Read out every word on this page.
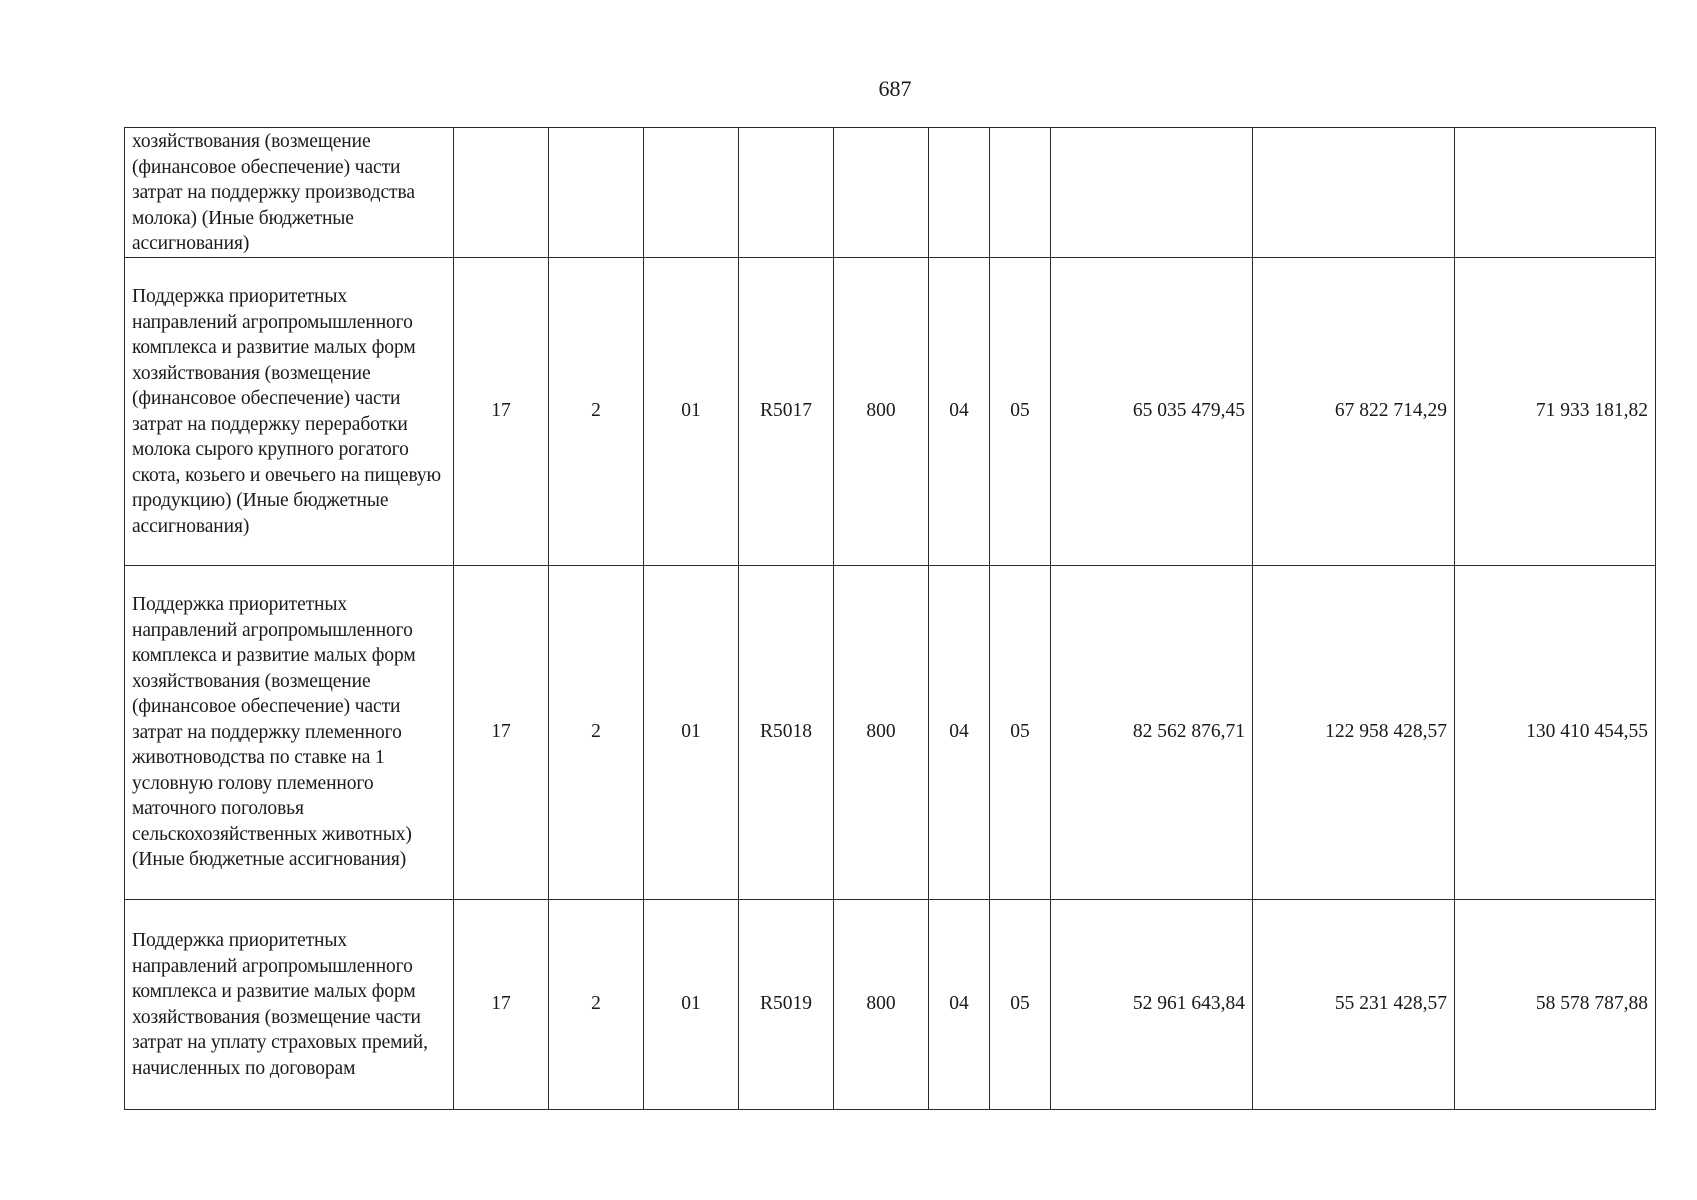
687
хозяйствования (возмещение (финансовое обеспечение) части затрат на поддержку производства молока) (Иные бюджетные ассигнования)										
Поддержка приоритетных направлений агропромышленного комплекса и развитие малых форм хозяйствования (возмещение (финансовое обеспечение) части затрат на поддержку переработки молока сырого крупного рогатого скота, козьего и овечьего на пищевую продукцию) (Иные бюджетные ассигнования)	17	2	01	R5017	800	04	05	65 035 479,45	67 822 714,29	71 933 181,82
Поддержка приоритетных направлений агропромышленного комплекса и развитие малых форм хозяйствования (возмещение (финансовое обеспечение) части затрат на поддержку племенного животноводства по ставке на 1 условную голову племенного маточного поголовья сельскохозяйственных животных) (Иные бюджетные ассигнования)	17	2	01	R5018	800	04	05	82 562 876,71	122 958 428,57	130 410 454,55
Поддержка приоритетных направлений агропромышленного комплекса и развитие малых форм хозяйствования (возмещение части затрат на уплату страховых премий, начисленных по договорам	17	2	01	R5019	800	04	05	52 961 643,84	55 231 428,57	58 578 787,88
